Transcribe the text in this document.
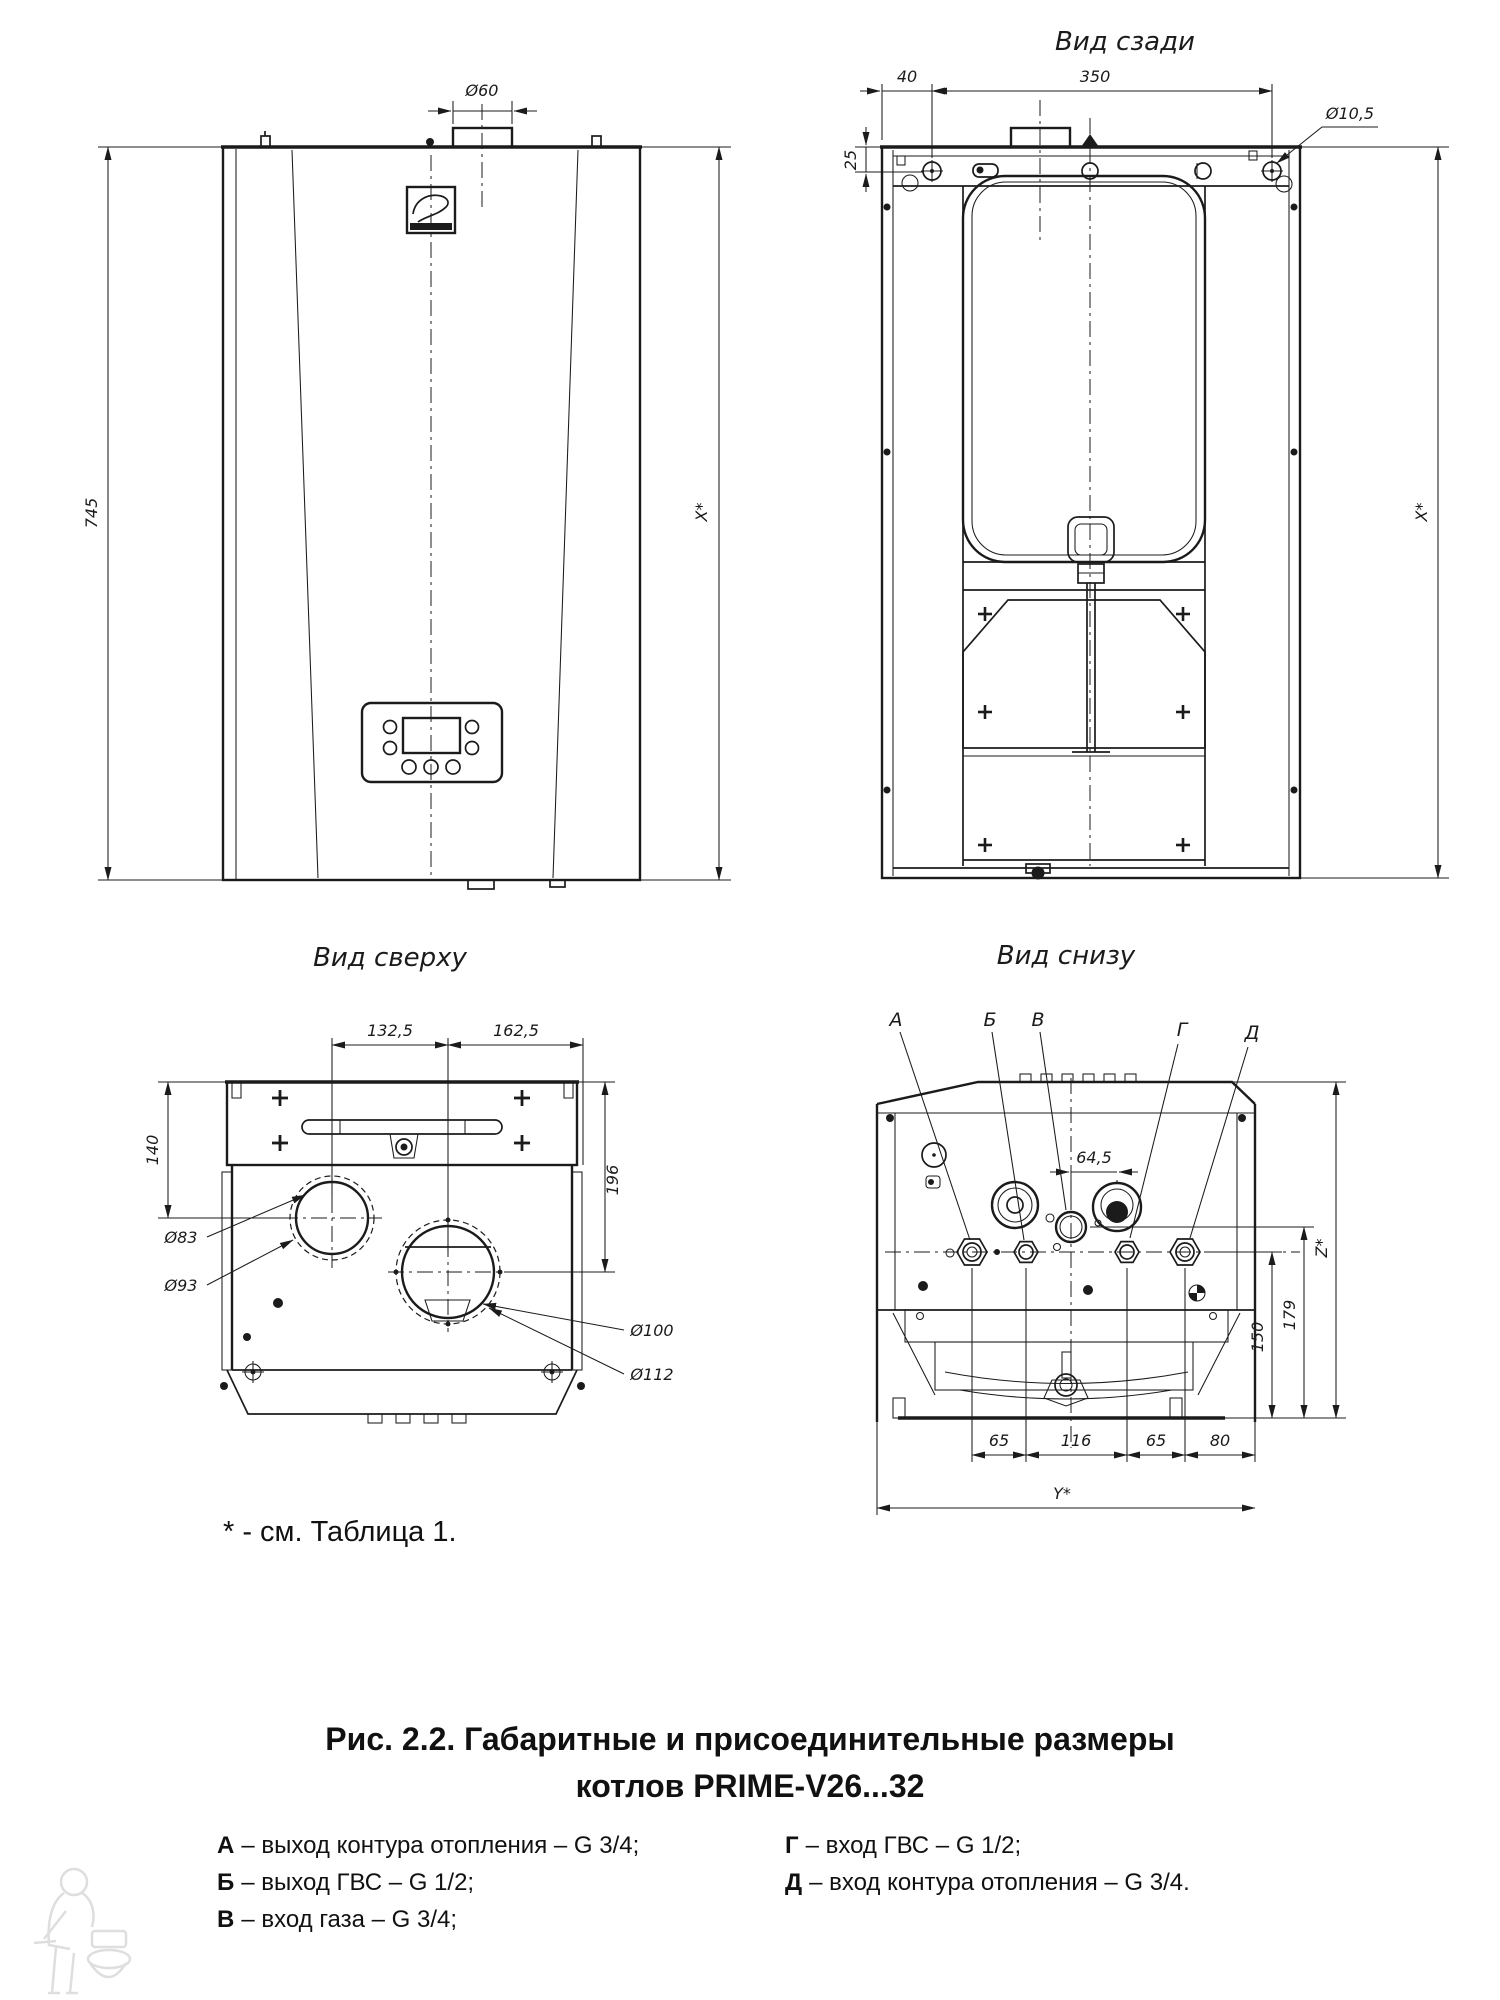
745	X*
Ø60
Вид сзади
40	350
25
X*
Ø10,5
Вид сверху
132,5	162,5
140
196
Ø83
Ø93
Ø100
Ø112
Вид снизу
А	Б В	Г	Д
64,5
65	116	65	80
Y*
150
179
Z*
* - см. Таблица 1.
Рис. 2.2. Габаритные и присоединительные размеры
котлов PRIME-V26...32
А – выход контура отопления – G 3/4;
Б – выход ГВС – G 1/2;
В – вход газа – G 3/4;
Г – вход ГВС – G 1/2;
Д – вход контура отопления – G 3/4.
